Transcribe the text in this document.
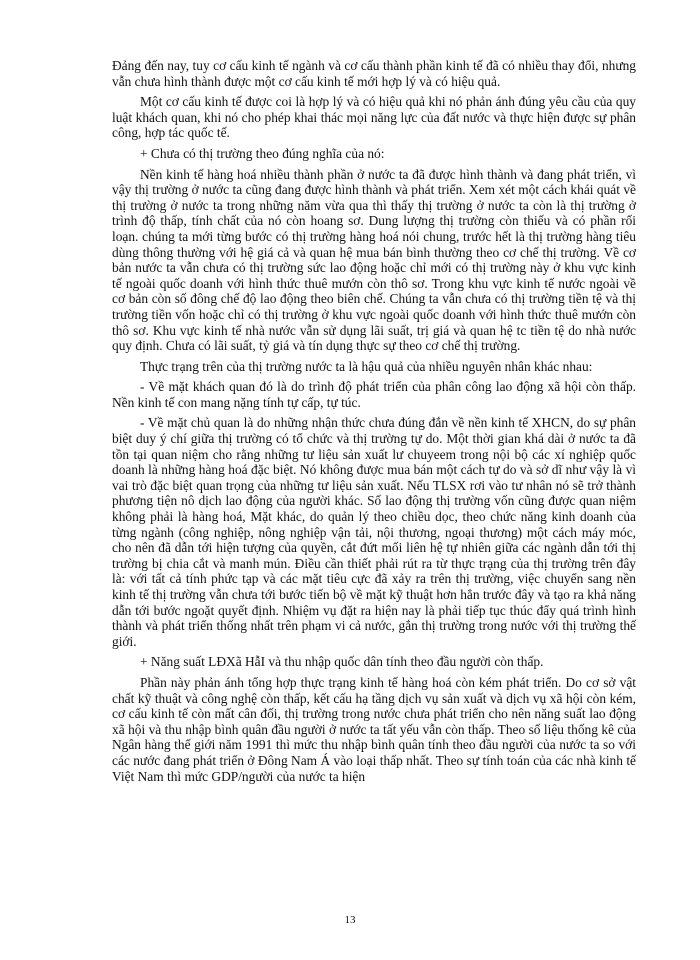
Đảng đến nay, tuy cơ cấu kinh tế ngành và cơ cấu thành phần kinh tế đã có nhiều thay đổi, nhưng vẫn chưa hình thành được một cơ cấu kinh tế mới hợp lý và có hiệu quả.

Một cơ cấu kinh tế được coi là hợp lý và có hiệu quả khi nó phản ánh đúng yêu cầu của quy luật khách quan, khi nó cho phép khai thác mọi năng lực của đất nước và thực hiện được sự phân công, hợp tác quốc tế.

+ Chưa có thị trường theo đúng nghĩa của nó:

Nền kinh tế hàng hoá nhiều thành phần ở nước ta đã được hình thành và đang phát triển, vì vậy thị trường ở nước ta cũng đang được hình thành và phát triển. Xem xét một cách khái quát về thị trường ở nước ta trong những năm vừa qua thì thấy thị trường ở nước ta còn là thị trường ở trình độ thấp, tính chất của nó còn hoang sơ. Dung lượng thị trường còn thiếu và có phần rối loạn. chúng ta mới từng bước có thị trường hàng hoá nói chung, trước hết là thị trường hàng tiêu dùng thông thường với hệ giá cả và quan hệ mua bán bình thường theo cơ chế thị trường. Về cơ bản nước ta vẫn chưa có thị trường sức lao động hoặc chỉ mới có thị trường này ở khu vực kinh tế ngoài quốc doanh với hình thức thuê mướn còn thô sơ. Trong khu vực kinh tế nước ngoài về cơ bản còn số đông chế độ lao động theo biên chế. Chúng ta vẫn chưa có thị trường tiền tệ và thị trường tiền vốn hoặc chỉ có thị trường ở khu vực ngoài quốc doanh với hình thức thuê mướn còn thô sơ. Khu vực kinh tế nhà nước vẫn sử dụng lãi suất, trị giá và quan hệ tc tiền tệ do nhà nước quy định. Chưa có lãi suất, tỷ giá và tín dụng thực sự theo cơ chế thị trường.

Thực trạng trên của thị trường nước ta là hậu quả của nhiều nguyên nhân khác nhau:

- Về mặt khách quan đó là do trình độ phát triển của phân công lao động xã hội còn thấp. Nền kinh tế con mang nặng tính tự cấp, tự túc.

- Về mặt chủ quan là do những nhận thức chưa đúng đắn về nền kinh tế XHCN, do sự phân biệt duy ý chí giữa thị trường có tổ chức và thị trường tự do. Một thời gian khá dài ở nước ta đã tồn tại quan niệm cho rằng những tư liệu sản xuất lư chuyeem trong nội bộ các xí nghiệp quốc doanh là những hàng hoá đặc biệt. Nó không được mua bán một cách tự do và sở dĩ như vậy là vì vai trò đặc biệt quan trọng của những tư liệu sản xuất. Nếu TLSX rơi vào tư nhân nó sẽ trở thành phương tiện nô dịch lao động của người khác. Số lao động thị trường vốn cũng được quan niệm không phải là hàng hoá, Mặt khác, do quản lý theo chiều dọc, theo chức năng kinh doanh của từng ngành (công nghiệp, nông nghiệp vận tải, nội thương, ngoại thương) một cách máy móc, cho nên đã dẫn tới hiện tượng của quyền, cắt đứt mối liên hệ tự nhiên giữa các ngành dẫn tới thị trường bị chia cắt và manh mún. Điều cần thiết phải rút ra từ thực trạng của thị trường trên đây là: với tất cả tính phức tạp và các mặt tiêu cực đã xảy ra trên thị trường, việc chuyển sang nền kinh tế thị trường vẫn chưa tới bước tiến bộ về mặt kỹ thuật hơn hẳn trước đây và tạo ra khả năng dẫn tới bước ngoặt quyết định. Nhiệm vụ đặt ra hiện nay là phải tiếp tục thúc đẩy quá trình hình thành và phát triển thống nhất trên phạm vi cả nước, gắn thị trường trong nước với thị trường thế giới.

+ Năng suất LĐXã HẫI và thu nhập quốc dân tính theo đầu người còn thấp.

Phần này phản ánh tổng hợp thực trạng kinh tế hàng hoá còn kém phát triển. Do cơ sở vật chất kỹ thuật và công nghệ còn thấp, kết cấu hạ tầng dịch vụ sản xuất và dịch vụ xã hội còn kém, cơ cấu kinh tế còn mất cân đối, thị trường trong nước chưa phát triển cho nên năng suất lao động xã hội và thu nhập bình quân đầu người ở nước ta tất yếu vẫn còn thấp. Theo số liệu thống kê của Ngân hàng thế giới năm 1991 thì mức thu nhập bình quân tính theo đầu người của nước ta so với các nước đang phát triển ở Đông Nam Á vào loại thấp nhất. Theo sự tính toán của các nhà kinh tế Việt Nam thì mức GDP/người của nước ta hiện

13
